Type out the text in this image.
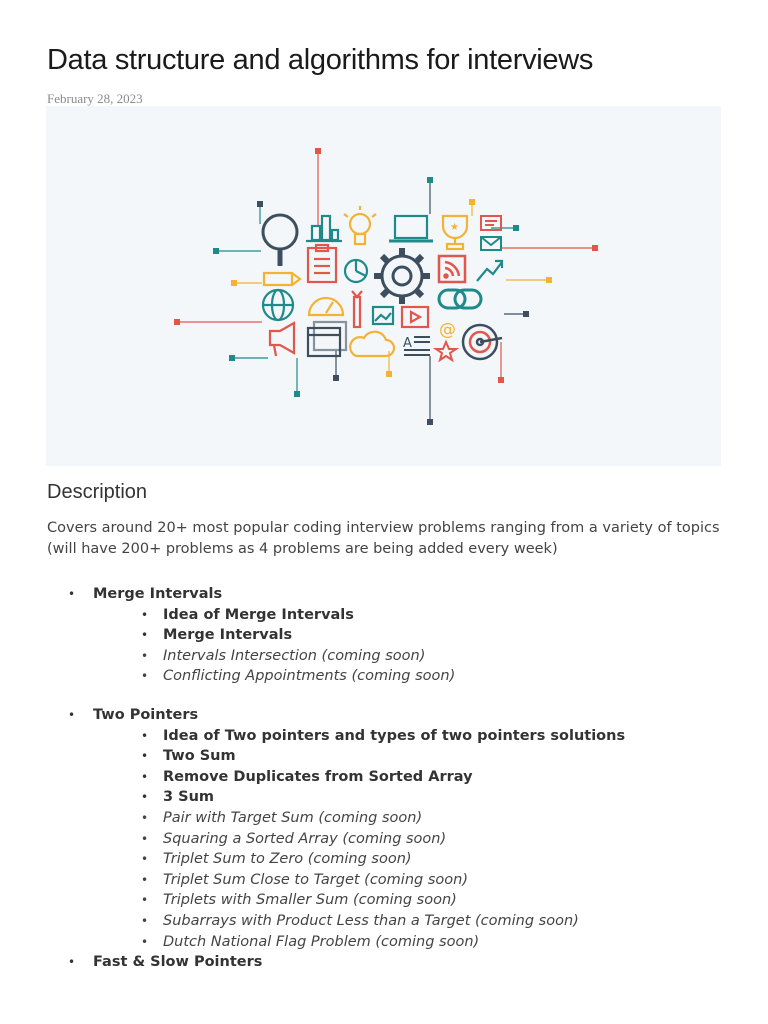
Data structure and algorithms for interviews
February 28, 2023
★
A
@
Description

Covers around 20+ most popular coding interview problems ranging from a variety of topics (will have 200+ problems as 4 problems are being added every week)

• Merge Intervals
• Idea of Merge Intervals
• Merge Intervals
• Intervals Intersection (coming soon)
• Conflicting Appointments (coming soon)
• Two Pointers
• Idea of Two pointers and types of two pointers solutions
• Two Sum
• Remove Duplicates from Sorted Array
• 3 Sum
• Pair with Target Sum (coming soon)
• Squaring a Sorted Array (coming soon)
• Triplet Sum to Zero (coming soon)
• Triplet Sum Close to Target (coming soon)
• Triplets with Smaller Sum (coming soon)
• Subarrays with Product Less than a Target (coming soon)
• Dutch National Flag Problem (coming soon)
• Fast & Slow Pointers
